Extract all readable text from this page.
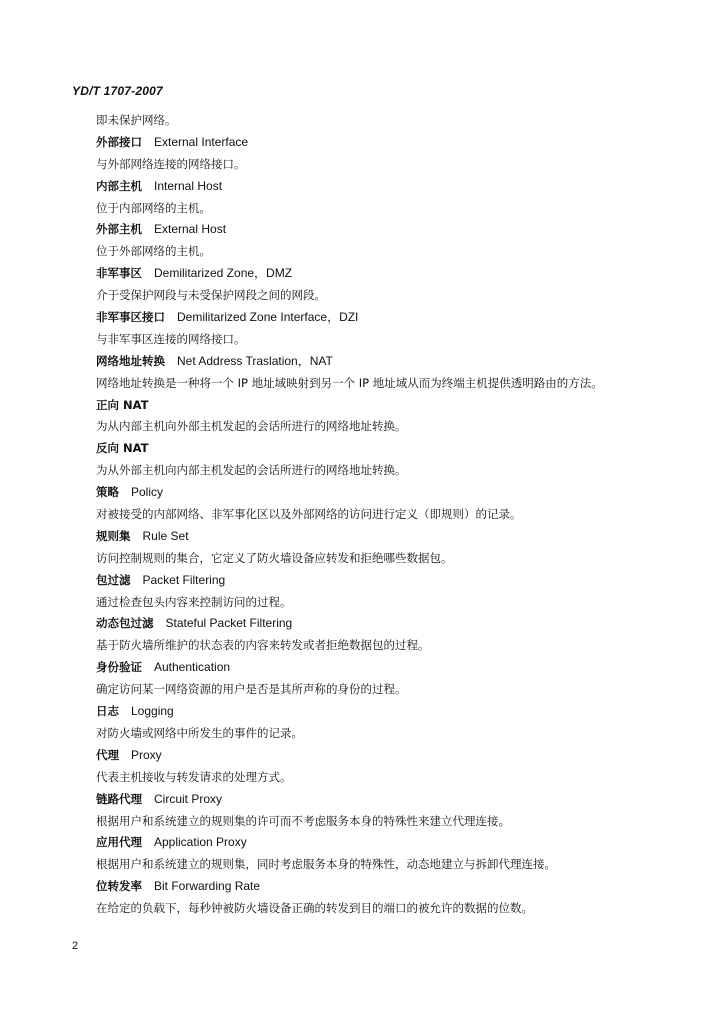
YD/T 1707-2007
即未保护网络。
外部接口 External Interface
与外部网络连接的网络接口。
内部主机 Internal Host
位于内部网络的主机。
外部主机 External Host
位于外部网络的主机。
非军事区 Demilitarized Zone，DMZ
介于受保护网段与未受保护网段之间的网段。
非军事区接口 Demilitarized Zone Interface，DZI
与非军事区连接的网络接口。
网络地址转换 Net Address Traslation，NAT
网络地址转换是一种将一个 IP 地址域映射到另一个 IP 地址域从而为终端主机提供透明路由的方法。
正向 NAT
为从内部主机向外部主机发起的会话所进行的网络地址转换。
反向 NAT
为从外部主机向内部主机发起的会话所进行的网络地址转换。
策略 Policy
对被接受的内部网络、非军事化区以及外部网络的访问进行定义（即规则）的记录。
规则集 Rule Set
访问控制规则的集合，它定义了防火墙设备应转发和拒绝哪些数据包。
包过滤 Packet Filtering
通过检查包头内容来控制访问的过程。
动态包过滤 Stateful Packet Filtering
基于防火墙所维护的状态表的内容来转发或者拒绝数据包的过程。
身份验证 Authentication
确定访问某一网络资源的用户是否是其所声称的身份的过程。
日志 Logging
对防火墙或网络中所发生的事件的记录。
代理 Proxy
代表主机接收与转发请求的处理方式。
链路代理 Circuit Proxy
根据用户和系统建立的规则集的许可而不考虑服务本身的特殊性来建立代理连接。
应用代理 Application Proxy
根据用户和系统建立的规则集，同时考虑服务本身的特殊性，动态地建立与拆卸代理连接。
位转发率 Bit Forwarding Rate
在给定的负载下，每秒钟被防火墙设备正确的转发到目的端口的被允许的数据的位数。
2
